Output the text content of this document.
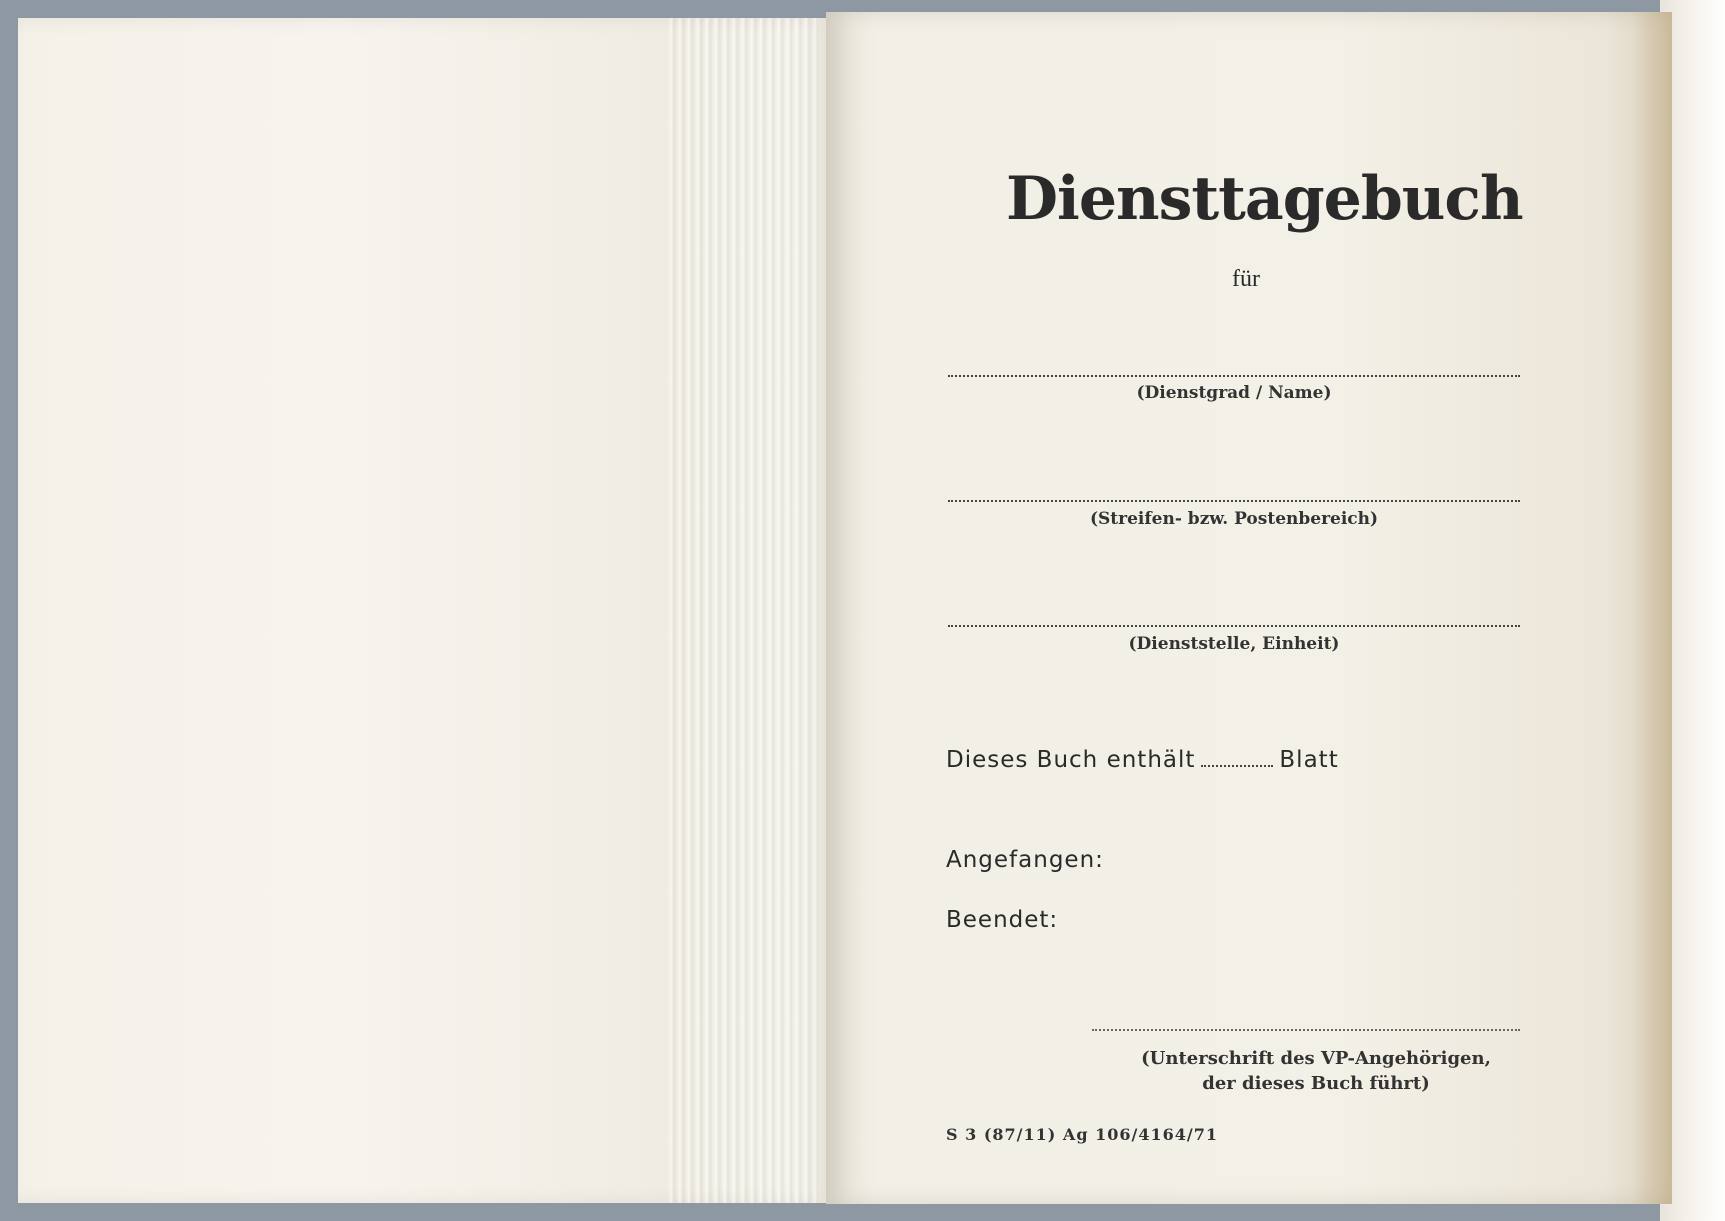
Diensttagebuch
für
(Dienstgrad / Name)
(Streifen- bzw. Postenbereich)
(Dienststelle, Einheit)
Dieses Buch enthält	Blatt
Angefangen:
Beendet:
(Unterschrift des VP-Angehörigen,
der dieses Buch führt)
S 3 (87/11) Ag 106/4164/71
